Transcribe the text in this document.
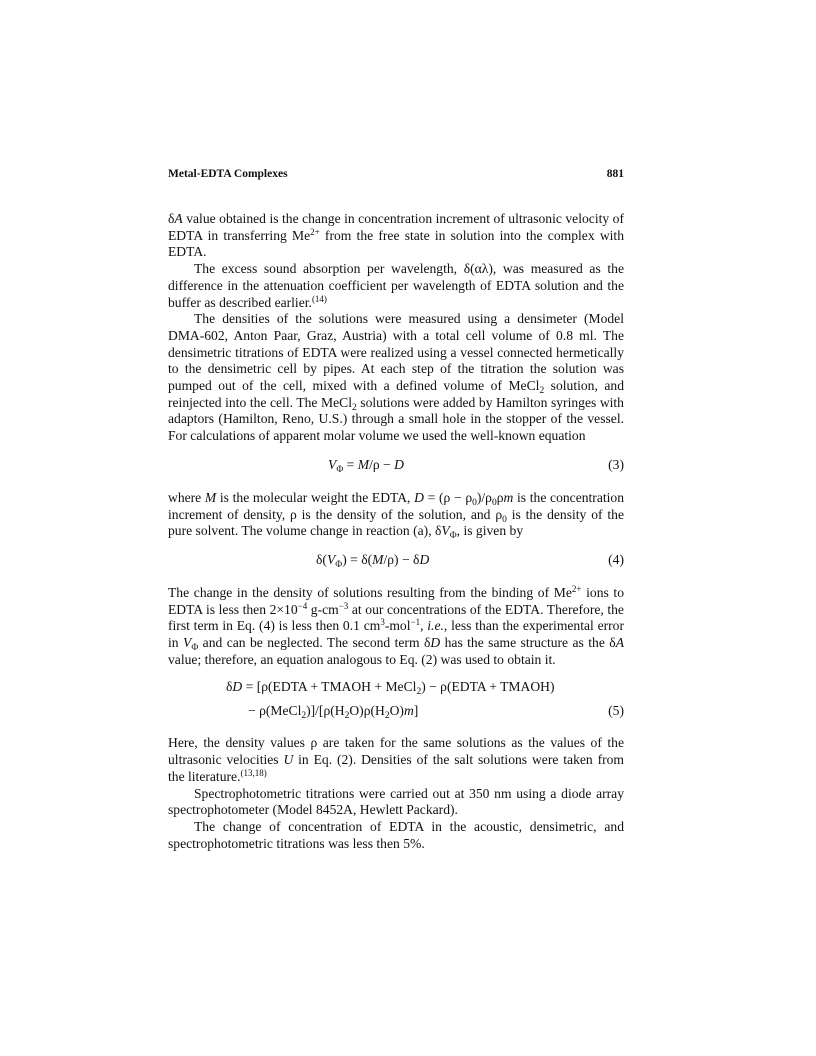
Metal-EDTA Complexes	881

δA value obtained is the change in concentration increment of ultrasonic velocity of EDTA in transferring $Me^{2+}$ from the free state in solution into the complex with EDTA.

The excess sound absorption per wavelength, δ(αλ), was measured as the difference in the attenuation coefficient per wavelength of EDTA solution and the buffer as described earlier.$^{(14)}$

The densities of the solutions were measured using a densimeter (Model DMA-602, Anton Paar, Graz, Austria) with a total cell volume of 0.8 ml. The densimetric titrations of EDTA were realized using a vessel connected hermetically to the densimetric cell by pipes. At each step of the titration the solution was pumped out of the cell, mixed with a defined volume of MeCl$_2$ solution, and reinjected into the cell. The MeCl$_2$ solutions were added by Hamilton syringes with adaptors (Hamilton, Reno, U.S.) through a small hole in the stopper of the vessel. For calculations of apparent molar volume we used the well-known equation

$V_\Phi = M/\rho - D$	(3)

where M is the molecular weight the EDTA, $D = (\rho - \rho_0)/\rho_0\rho m$ is the concentration increment of density, ρ is the density of the solution, and $\rho_0$ is the density of the pure solvent. The volume change in reaction (a), $\delta V_\Phi$, is given by

$\delta(V_\Phi) = \delta(M/\rho) - \delta D$	(4)

The change in the density of solutions resulting from the binding of $Me^{2+}$ ions to EDTA is less then $2\times 10^{-4}$ $g-cm^{-3}$ at our concentrations of the EDTA. Therefore, the first term in Eq. (4) is less then 0.1 $cm^3-mol^{-1}$, i.e., less than the experimental error in $V_\Phi$ and can be neglected. The second term δD has the same structure as the δA value; therefore, an equation analogous to Eq. (2) was used to obtain it.

δD = [ρ(EDTA + TMAOH + MeCl$_2$) − ρ(EDTA + TMAOH)
− $\rho(MeCl_2)]/[\rho(H_2O)\rho(H_2O)m]$	(5)

Here, the density values ρ are taken for the same solutions as the values of the ultrasonic velocities U in Eq. (2). Densities of the salt solutions were taken from the literature.$^{(13,18)}$

Spectrophotometric titrations were carried out at 350 nm using a diode array spectrophotometer (Model 8452A, Hewlett Packard).

The change of concentration of EDTA in the acoustic, densimetric, and spectrophotometric titrations was less then 5%.
